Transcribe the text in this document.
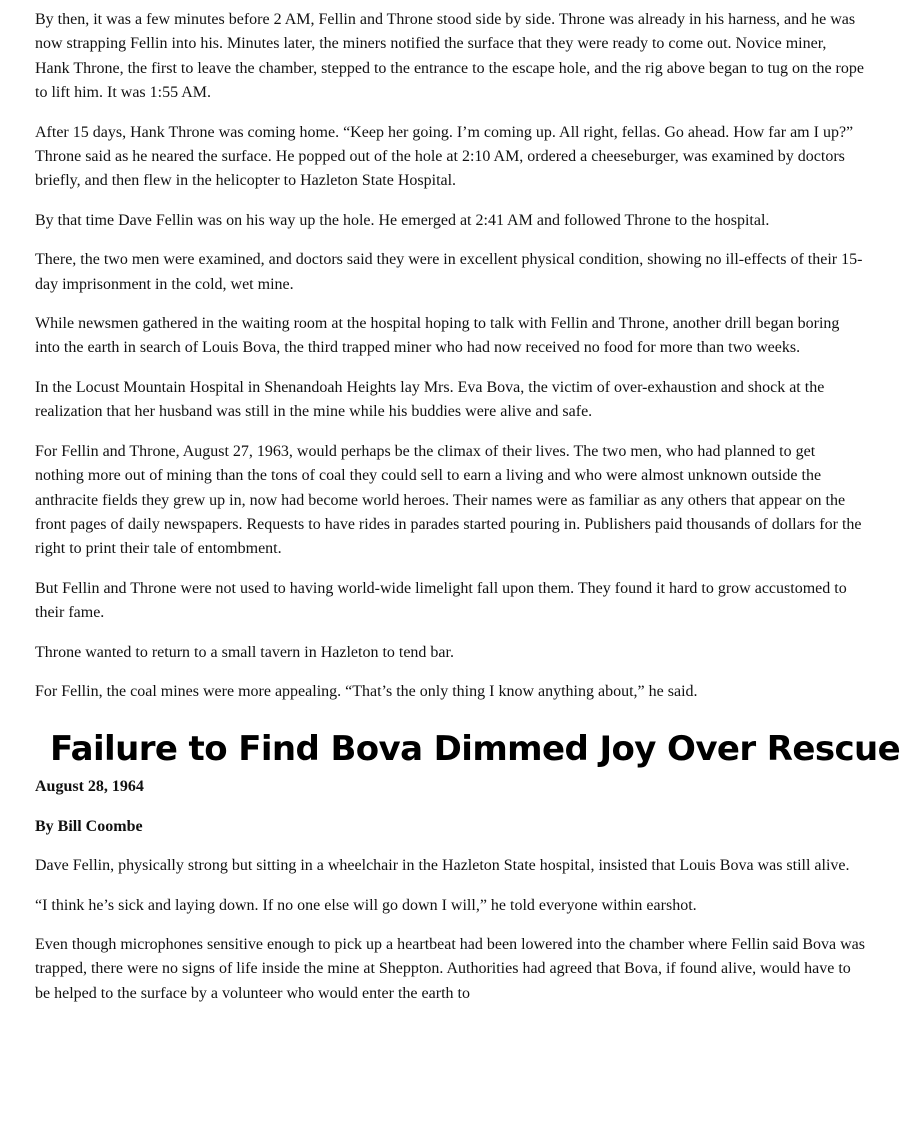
By then, it was a few minutes before 2 AM, Fellin and Throne stood side by side. Throne was already in his harness, and he was now strapping Fellin into his. Minutes later, the miners notified the surface that they were ready to come out. Novice miner, Hank Throne, the first to leave the chamber, stepped to the entrance to the escape hole, and the rig above began to tug on the rope to lift him. It was 1:55 AM.

After 15 days, Hank Throne was coming home. “Keep her going. I’m coming up. All right, fellas. Go ahead. How far am I up?” Throne said as he neared the surface. He popped out of the hole at 2:10 AM, ordered a cheeseburger, was examined by doctors briefly, and then flew in the helicopter to Hazleton State Hospital.

By that time Dave Fellin was on his way up the hole. He emerged at 2:41 AM and followed Throne to the hospital.

There, the two men were examined, and doctors said they were in excellent physical condition, showing no ill-effects of their 15-day imprisonment in the cold, wet mine.

While newsmen gathered in the waiting room at the hospital hoping to talk with Fellin and Throne, another drill began boring into the earth in search of Louis Bova, the third trapped miner who had now received no food for more than two weeks.

In the Locust Mountain Hospital in Shenandoah Heights lay Mrs. Eva Bova, the victim of over-exhaustion and shock at the realization that her husband was still in the mine while his buddies were alive and safe.

For Fellin and Throne, August 27, 1963, would perhaps be the climax of their lives. The two men, who had planned to get nothing more out of mining than the tons of coal they could sell to earn a living and who were almost unknown outside the anthracite fields they grew up in, now had become world heroes. Their names were as familiar as any others that appear on the front pages of daily newspapers. Requests to have rides in parades started pouring in. Publishers paid thousands of dollars for the right to print their tale of entombment.

But Fellin and Throne were not used to having world-wide limelight fall upon them. They found it hard to grow accustomed to their fame.

Throne wanted to return to a small tavern in Hazleton to tend bar.

For Fellin, the coal mines were more appealing. “That’s the only thing I know anything about,” he said.

Failure to Find Bova Dimmed Joy Over Rescue

August 28, 1964

By Bill Coombe

Dave Fellin, physically strong but sitting in a wheelchair in the Hazleton State hospital, insisted that Louis Bova was still alive.

“I think he’s sick and laying down. If no one else will go down I will,” he told everyone within earshot.

Even though microphones sensitive enough to pick up a heartbeat had been lowered into the chamber where Fellin said Bova was trapped, there were no signs of life inside the mine at Sheppton. Authorities had agreed that Bova, if found alive, would have to be helped to the surface by a volunteer who would enter the earth to
